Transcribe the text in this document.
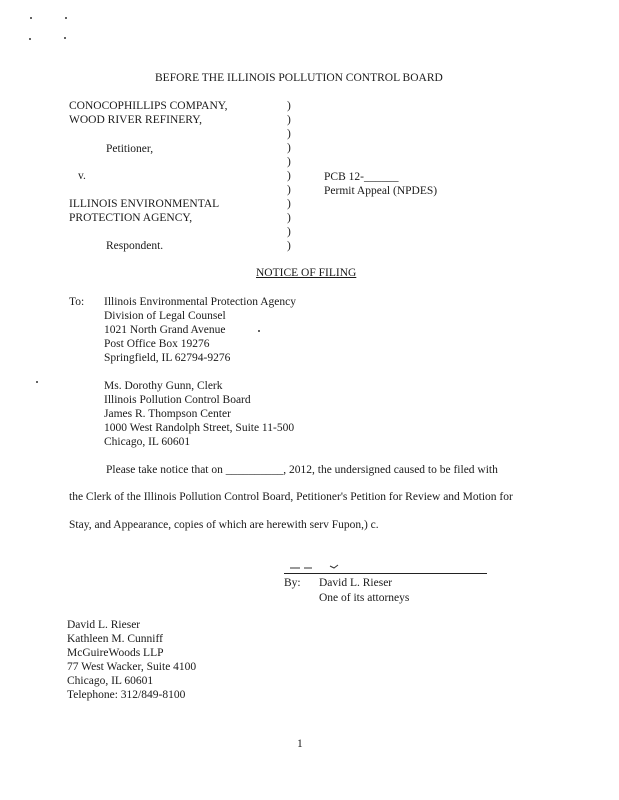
BEFORE THE ILLINOIS POLLUTION CONTROL BOARD
CONOCOPHILLIPS COMPANY,
WOOD RIVER REFINERY,
Petitioner,
v.
ILLINOIS ENVIRONMENTAL
PROTECTION AGENCY,
Respondent.
)
)
)
)
)
)
)
)
)
)
)
PCB 12-______
Permit Appeal (NPDES)
NOTICE OF FILING
To: Illinois Environmental Protection Agency
Division of Legal Counsel
1021 North Grand Avenue
Post Office Box 19276
Springfield, IL 62794-9276
Ms. Dorothy Gunn, Clerk
Illinois Pollution Control Board
James R. Thompson Center
1000 West Randolph Street, Suite 11-500
Chicago, IL 60601
Please take notice that on __________, 2012, the undersigned caused to be filed with
the Clerk of the Illinois Pollution Control Board, Petitioner's Petition for Review and Motion for
Stay, and Appearance, copies of which are herewith serv Fupon,) c.
By: David L. Rieser
One of its attorneys
David L. Rieser
Kathleen M. Cunniff
McGuireWoods LLP
77 West Wacker, Suite 4100
Chicago, IL 60601
Telephone: 312/849-8100
1
